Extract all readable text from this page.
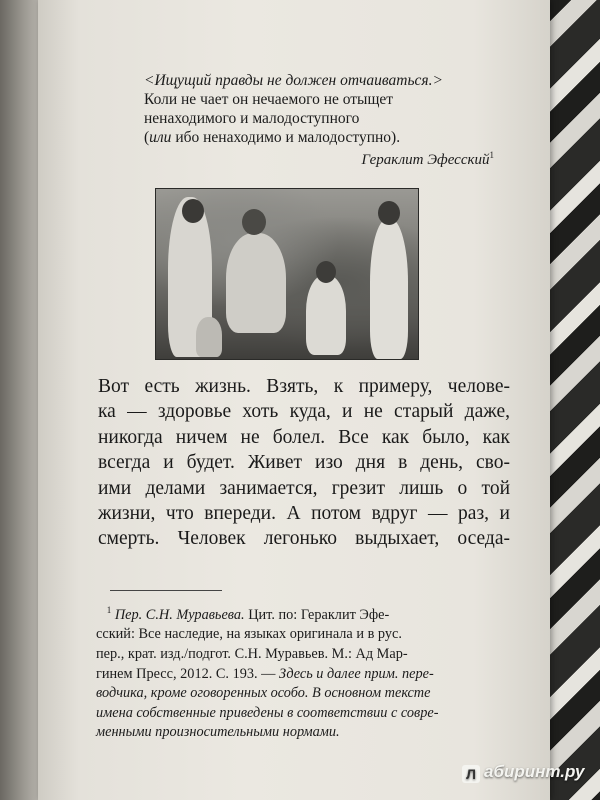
<Ищущий правды не должен отчаиваться.>
Коли не чает он нечаемого не отыщет
ненаходимого и малодоступного
(или ибо ненаходимо и малодоступно).
Гераклит Эфесский$^1$
Вот есть жизнь. Взять, к примеру, челове-
ка — здоровье хоть куда, и не старый даже,
никогда ничем не болел. Все как было, как
всегда и будет. Живет изо дня в день, сво-
ими делами занимается, грезит лишь о той
жизни, что впереди. А потом вдруг — раз, и
смерть. Человек легонько выдыхает, оседа-
$^1$ Пер. С.Н. Муравьева. Цит. по: Гераклит Эфе-
сский: Все наследие, на языках оригинала и в рус.
пер., крат. изд./подгот. С.Н. Муравьев. М.: Ад Мар-
гинем Пресс, 2012. С. 193. — Здесь и далее прим. пере-
водчика, кроме оговоренных особо. В основном тексте
имена собственные приведены в соответствии с совре-
менными произносительными нормами.
Л абиринт.ру
